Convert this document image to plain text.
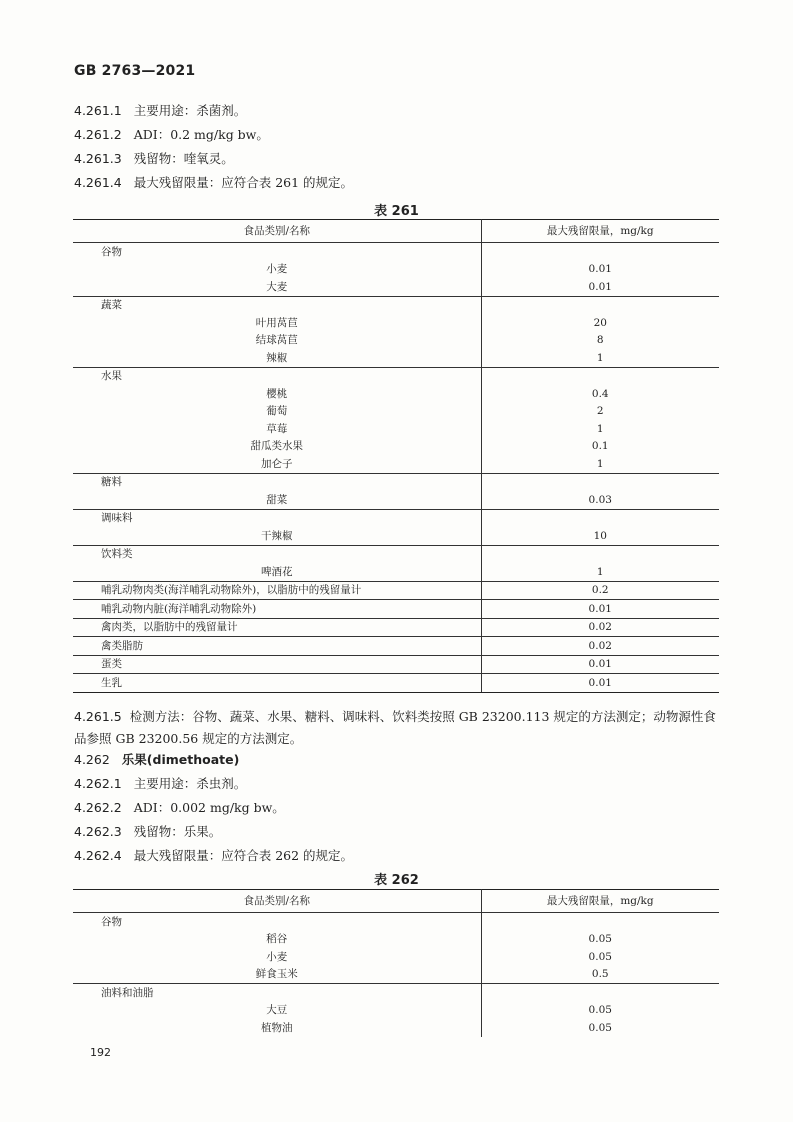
GB 2763—2021
4.261.1 主要用途：杀菌剂。
4.261.2 ADI：0.2 mg/kg bw。
4.261.3 残留物：喹氧灵。
4.261.4 最大残留限量：应符合表 261 的规定。
表 261
食品类别/名称	最大残留限量，mg/kg
谷物	
小麦	0.01
大麦	0.01
蔬菜	
叶用莴苣	20
结球莴苣	8
辣椒	1
水果	
樱桃	0.4
葡萄	2
草莓	1
甜瓜类水果	0.1
加仑子	1
糖料	
甜菜	0.03
调味料	
干辣椒	10
饮料类	
啤酒花	1
哺乳动物肉类(海洋哺乳动物除外)，以脂肪中的残留量计	0.2
哺乳动物内脏(海洋哺乳动物除外)	0.01
禽肉类，以脂肪中的残留量计	0.02
禽类脂肪	0.02
蛋类	0.01
生乳	0.01
4.261.5 检测方法：谷物、蔬菜、水果、糖料、调味料、饮料类按照 GB 23200.113 规定的方法测定；动物源性食品参照 GB 23200.56 规定的方法测定。
4.262 乐果(dimethoate)
4.262.1 主要用途：杀虫剂。
4.262.2 ADI：0.002 mg/kg bw。
4.262.3 残留物：乐果。
4.262.4 最大残留限量：应符合表 262 的规定。
表 262
食品类别/名称	最大残留限量，mg/kg
谷物	
稻谷	0.05
小麦	0.05
鲜食玉米	0.5
油料和油脂	
大豆	0.05
植物油	0.05
192
